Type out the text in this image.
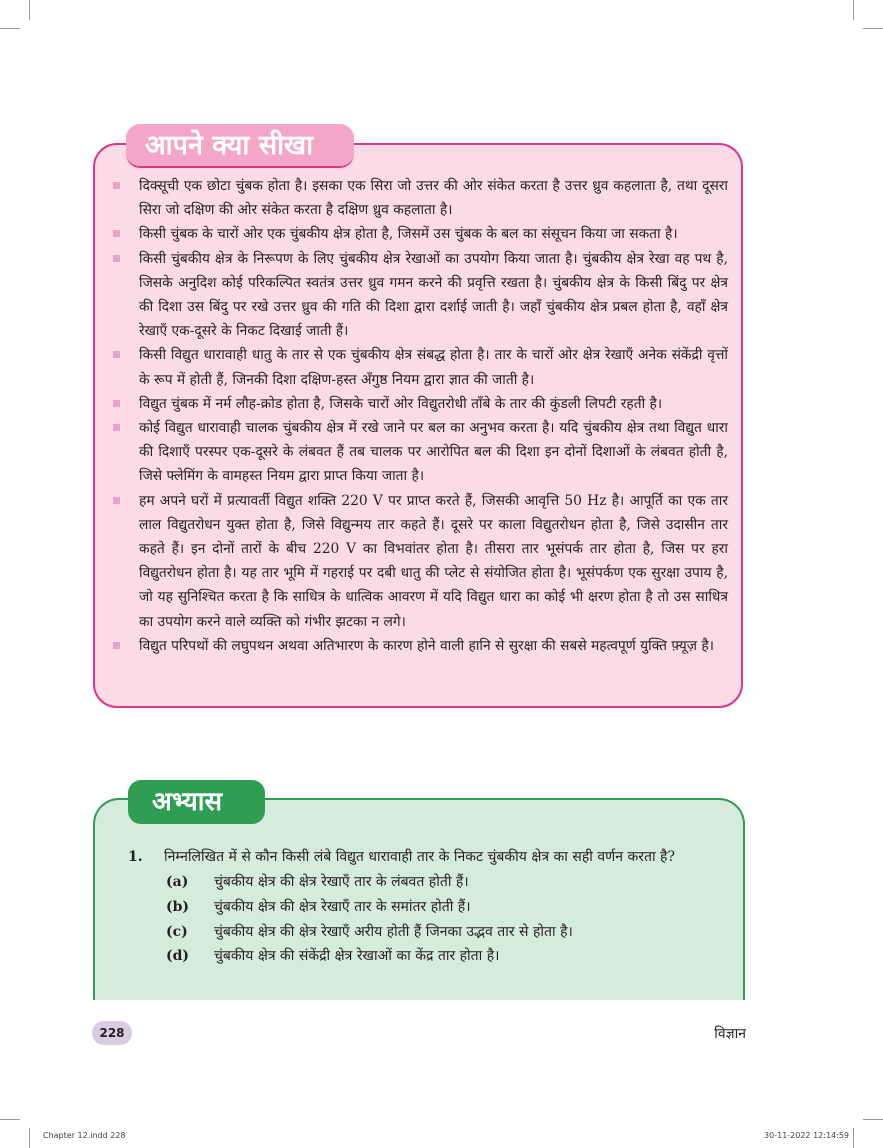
आपने क्या सीखा
दिक्सूची एक छोटा चुंबक होता है। इसका एक सिरा जो उत्तर की ओर संकेत करता है उत्तर ध्रुव कहलाता है, तथा दूसरा सिरा जो दक्षिण की ओर संकेत करता है दक्षिण ध्रुव कहलाता है।
किसी चुंबक के चारों ओर एक चुंबकीय क्षेत्र होता है, जिसमें उस चुंबक के बल का संसूचन किया जा सकता है।
किसी चुंबकीय क्षेत्र के निरूपण के लिए चुंबकीय क्षेत्र रेखाओं का उपयोग किया जाता है। चुंबकीय क्षेत्र रेखा वह पथ है, जिसके अनुदिश कोई परिकल्पित स्वतंत्र उत्तर ध्रुव गमन करने की प्रवृत्ति रखता है। चुंबकीय क्षेत्र के किसी बिंदु पर क्षेत्र की दिशा उस बिंदु पर रखे उत्तर ध्रुव की गति की दिशा द्वारा दर्शाई जाती है। जहाँ चुंबकीय क्षेत्र प्रबल होता है, वहाँ क्षेत्र रेखाएँ एक-दूसरे के निकट दिखाई जाती हैं।
किसी विद्युत धारावाही धातु के तार से एक चुंबकीय क्षेत्र संबद्ध होता है। तार के चारों ओर क्षेत्र रेखाएँ अनेक संकेंद्री वृत्तों के रूप में होती हैं, जिनकी दिशा दक्षिण-हस्त अँगुष्ठ नियम द्वारा ज्ञात की जाती है।
विद्युत चुंबक में नर्म लौह-क्रोड होता है, जिसके चारों ओर विद्युतरोधी ताँबे के तार की कुंडली लिपटी रहती है।
कोई विद्युत धारावाही चालक चुंबकीय क्षेत्र में रखे जाने पर बल का अनुभव करता है। यदि चुंबकीय क्षेत्र तथा विद्युत धारा की दिशाएँ परस्पर एक-दूसरे के लंबवत हैं तब चालक पर आरोपित बल की दिशा इन दोनों दिशाओं के लंबवत होती है, जिसे फ्लेमिंग के वामहस्त नियम द्वारा प्राप्त किया जाता है।
हम अपने घरों में प्रत्यावर्ती विद्युत शक्ति 220 V पर प्राप्त करते हैं, जिसकी आवृत्ति 50 Hz है। आपूर्ति का एक तार लाल विद्युतरोधन युक्त होता है, जिसे विद्युन्मय तार कहते हैं। दूसरे पर काला विद्युतरोधन होता है, जिसे उदासीन तार कहते हैं। इन दोनों तारों के बीच 220 V का विभवांतर होता है। तीसरा तार भूसंपर्क तार होता है, जिस पर हरा विद्युतरोधन होता है। यह तार भूमि में गहराई पर दबी धातु की प्लेट से संयोजित होता है। भूसंपर्कण एक सुरक्षा उपाय है, जो यह सुनिश्चित करता है कि साधित्र के धात्विक आवरण में यदि विद्युत धारा का कोई भी क्षरण होता है तो उस साधित्र का उपयोग करने वाले व्यक्ति को गंभीर झटका न लगे।
विद्युत परिपथों की लघुपथन अथवा अतिभारण के कारण होने वाली हानि से सुरक्षा की सबसे महत्वपूर्ण युक्ति फ़्यूज़ है।
अभ्यास
1. निम्नलिखित में से कौन किसी लंबे विद्युत धारावाही तार के निकट चुंबकीय क्षेत्र का सही वर्णन करता है?
(a) चुंबकीय क्षेत्र की क्षेत्र रेखाएँ तार के लंबवत होती हैं।
(b) चुंबकीय क्षेत्र की क्षेत्र रेखाएँ तार के समांतर होती हैं।
(c) चुंबकीय क्षेत्र की क्षेत्र रेखाएँ अरीय होती हैं जिनका उद्भव तार से होता है।
(d) चुंबकीय क्षेत्र की संकेंद्री क्षेत्र रेखाओं का केंद्र तार होता है।
228	विज्ञान
Chapter 12.indd 228	30-11-2022 12:14:59
